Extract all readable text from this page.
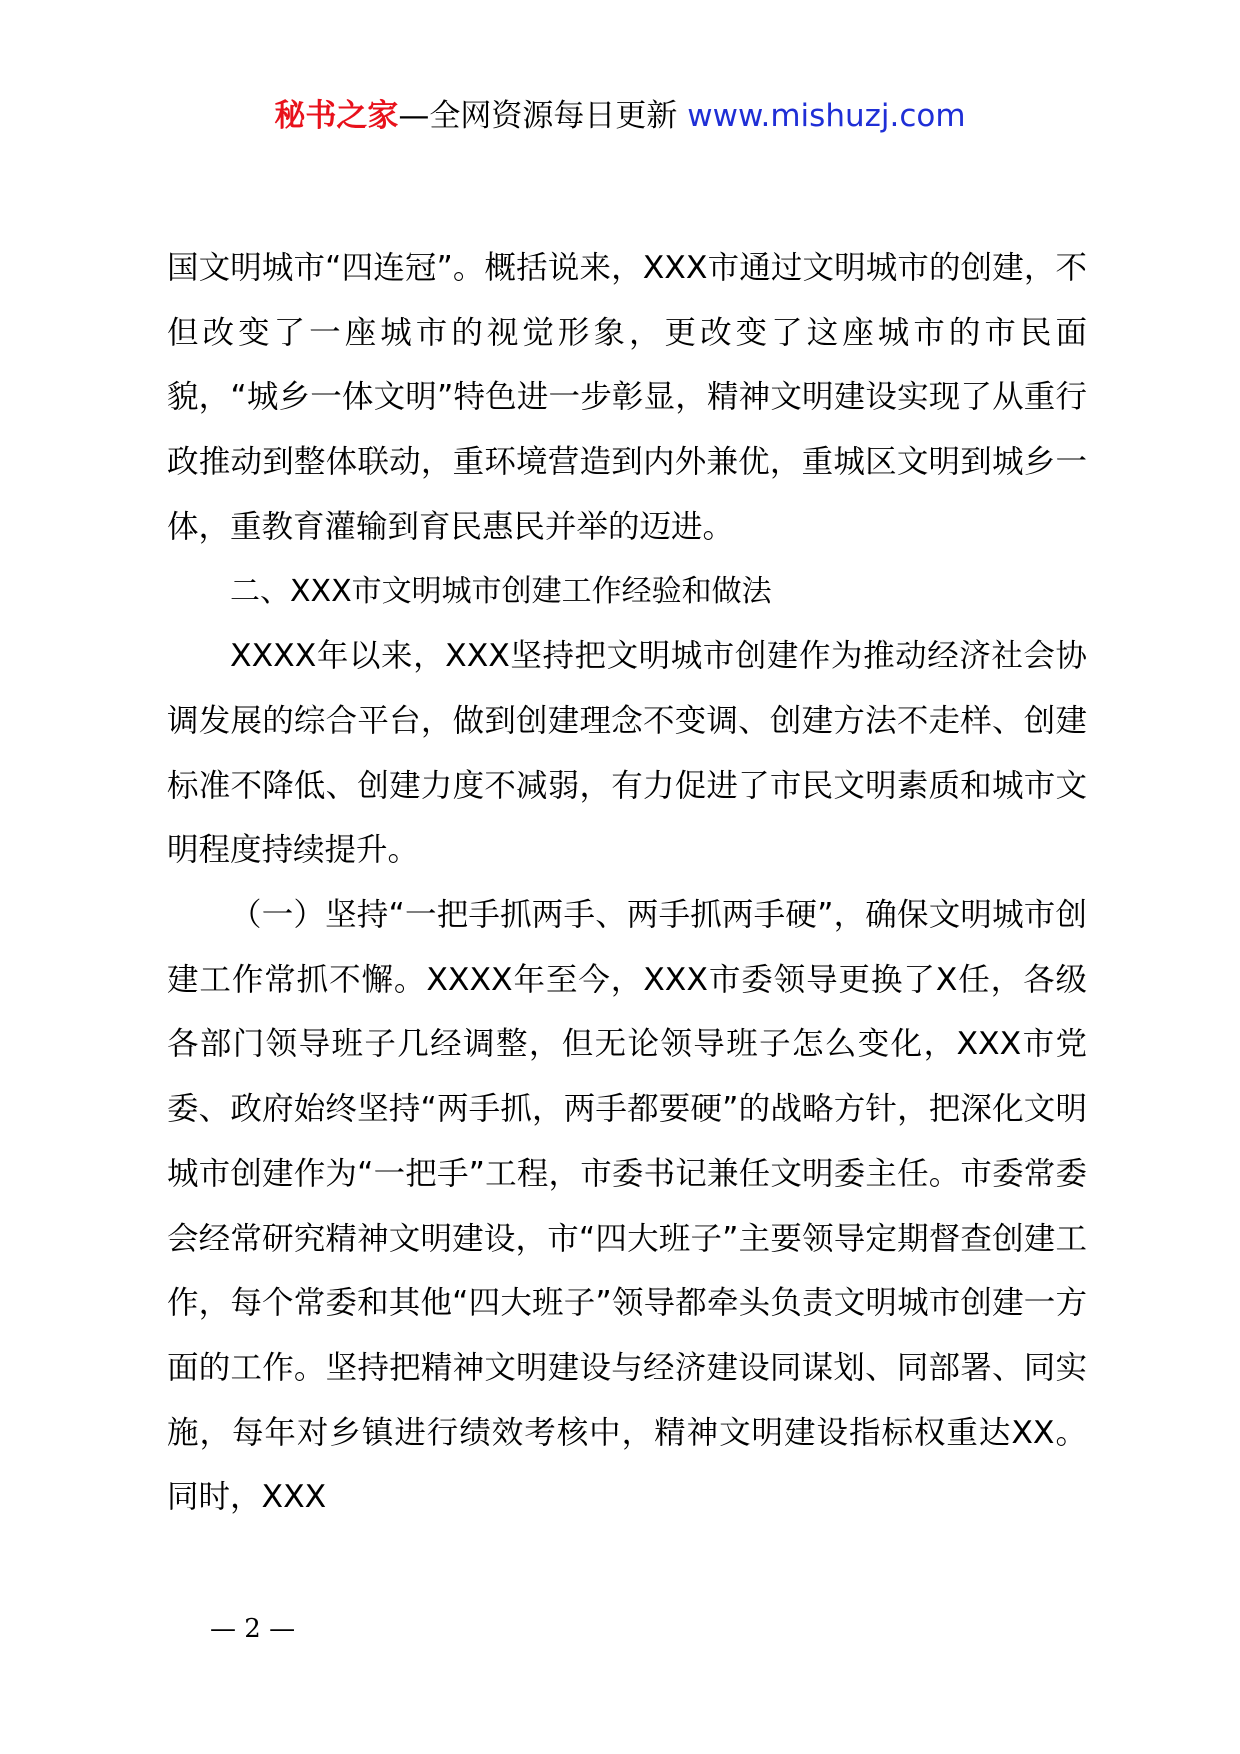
秘书之家—全网资源每日更新 www.mishuzj.com

国文明城市“四连冠”。概括说来，XXX市通过文明城市的创建，不但改变了一座城市的视觉形象，更改变了这座城市的市民面貌，“城乡一体文明”特色进一步彰显，精神文明建设实现了从重行政推动到整体联动，重环境营造到内外兼优，重城区文明到城乡一体，重教育灌输到育民惠民并举的迈进。

二、XXX市文明城市创建工作经验和做法

XXXX年以来，XXX坚持把文明城市创建作为推动经济社会协调发展的综合平台，做到创建理念不变调、创建方法不走样、创建标准不降低、创建力度不减弱，有力促进了市民文明素质和城市文明程度持续提升。

（一）坚持“一把手抓两手、两手抓两手硬”，确保文明城市创建工作常抓不懈。XXXX年至今，XXX市委领导更换了X任，各级各部门领导班子几经调整，但无论领导班子怎么变化，XXX市党委、政府始终坚持“两手抓，两手都要硬”的战略方针，把深化文明城市创建作为“一把手”工程，市委书记兼任文明委主任。市委常委会经常研究精神文明建设，市“四大班子”主要领导定期督查创建工作，每个常委和其他“四大班子”领导都牵头负责文明城市创建一方面的工作。坚持把精神文明建设与经济建设同谋划、同部署、同实施，每年对乡镇进行绩效考核中，精神文明建设指标权重达XX。同时，XXX

— 2 —
